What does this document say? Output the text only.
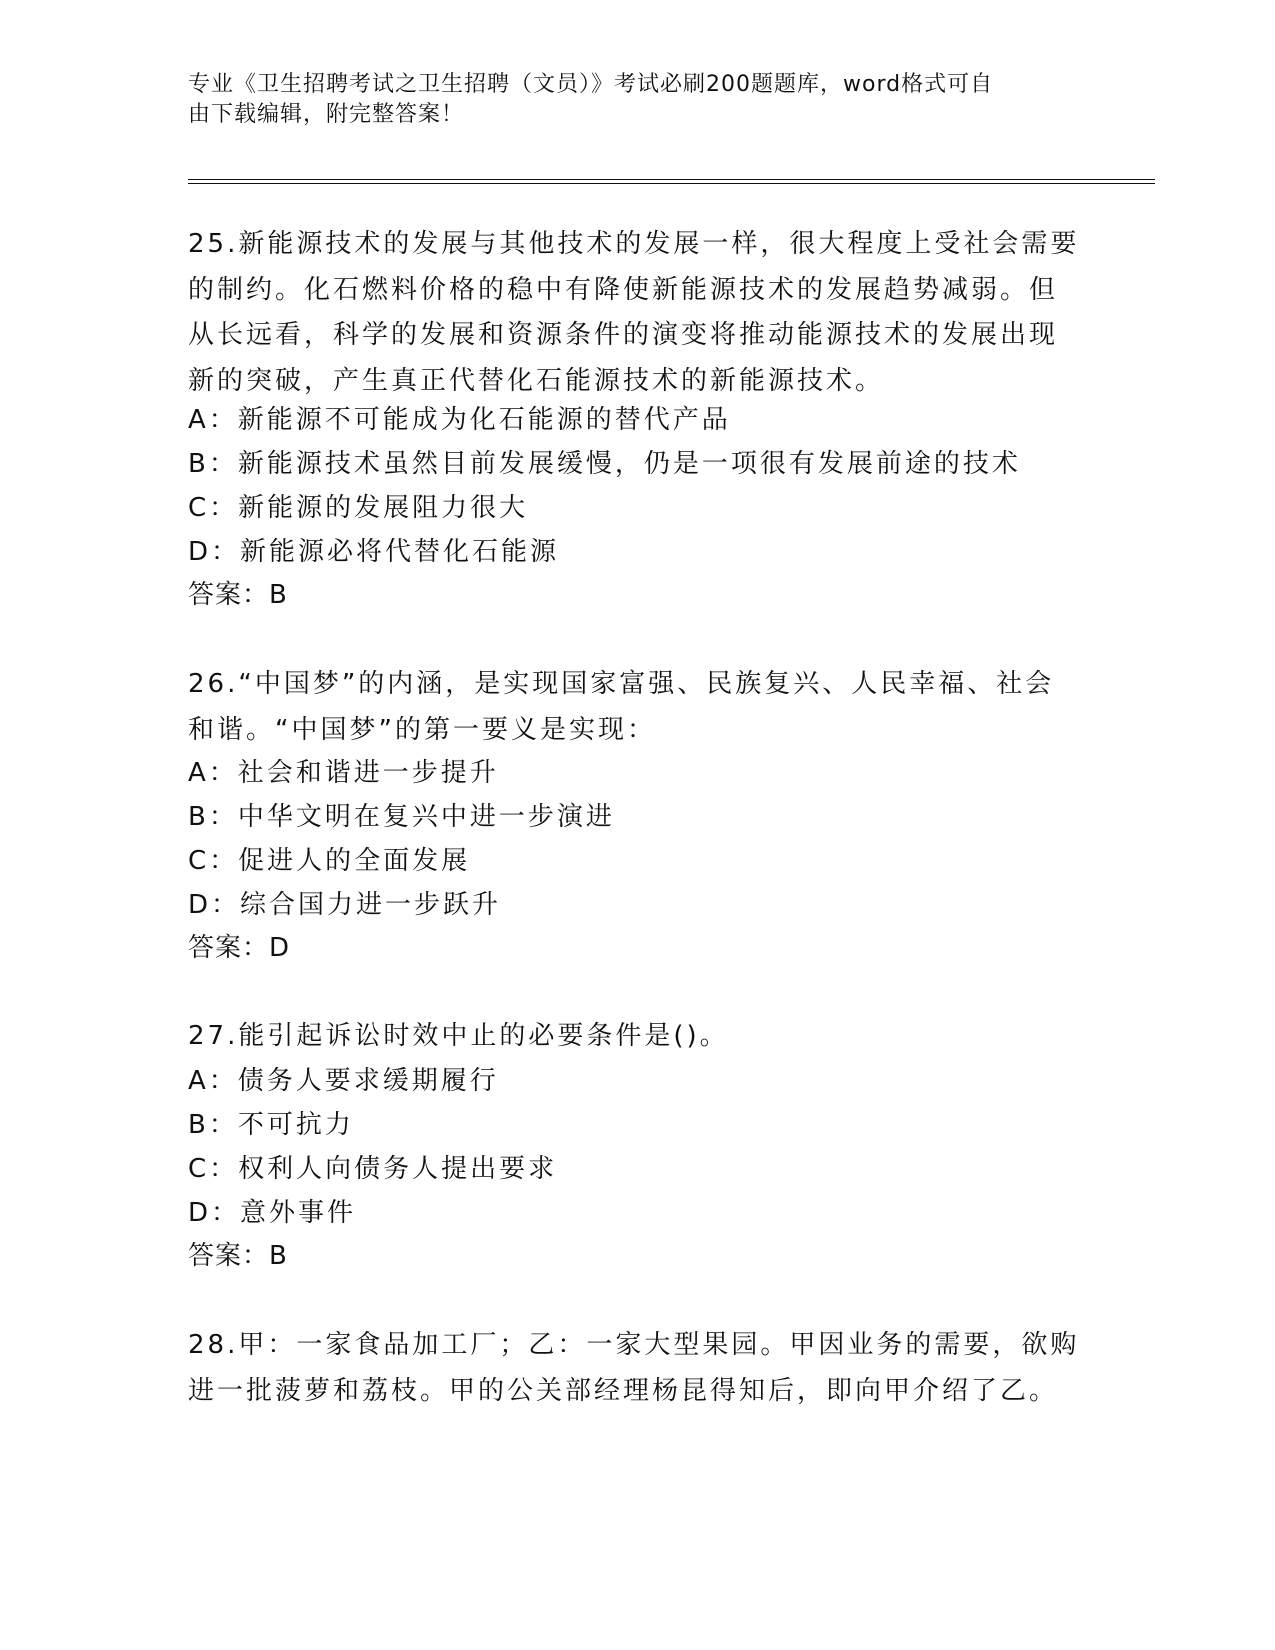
专业《卫生招聘考试之卫生招聘（文员）》考试必刷200题题库，word格式可自
由下载编辑，附完整答案！
25.新能源技术的发展与其他技术的发展一样，很大程度上受社会需要
的制约。化石燃料价格的稳中有降使新能源技术的发展趋势减弱。但
从长远看，科学的发展和资源条件的演变将推动能源技术的发展出现
新的突破，产生真正代替化石能源技术的新能源技术。
A：新能源不可能成为化石能源的替代产品
B：新能源技术虽然目前发展缓慢，仍是一项很有发展前途的技术
C：新能源的发展阻力很大
D：新能源必将代替化石能源
答案：B
26.“中国梦”的内涵，是实现国家富强、民族复兴、人民幸福、社会
和谐。“中国梦”的第一要义是实现：
A：社会和谐进一步提升
B：中华文明在复兴中进一步演进
C：促进人的全面发展
D：综合国力进一步跃升
答案：D
27.能引起诉讼时效中止的必要条件是()。
A：债务人要求缓期履行
B：不可抗力
C：权利人向债务人提出要求
D：意外事件
答案：B
28.甲：一家食品加工厂；乙：一家大型果园。甲因业务的需要，欲购
进一批菠萝和荔枝。甲的公关部经理杨昆得知后，即向甲介绍了乙。
